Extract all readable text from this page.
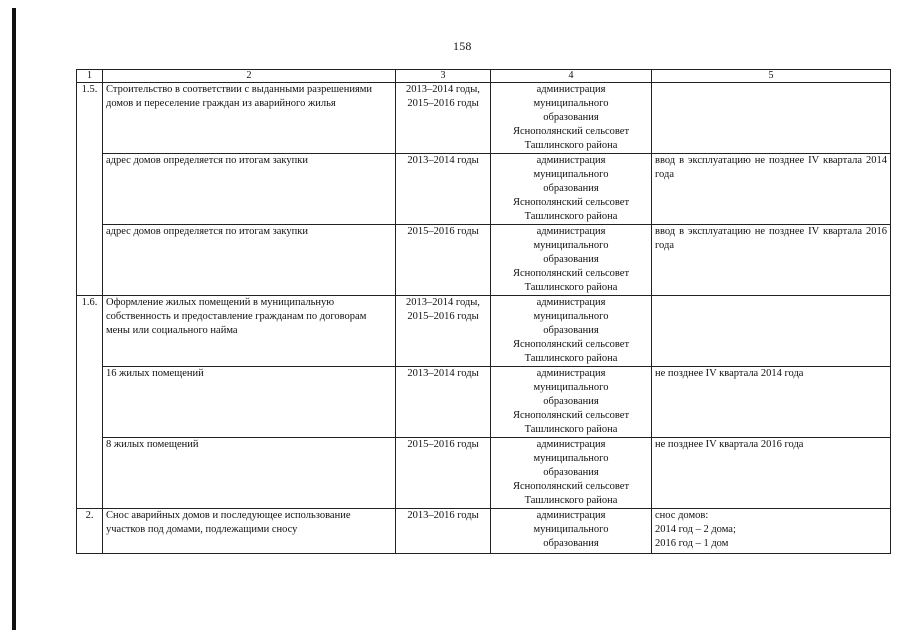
158
1	2	3	4	5
1.5.	Строительство в соответствии с выданными разрешениями домов и переселение граждан из аварийного жилья	2013–2014 годы, 2015–2016 годы	администрация
муниципального
образования
Яснополянский сельсовет
Ташлинского района	

	адрес домов определяется по итогам закупки	2013–2014 годы	администрация
муниципального
образования
Яснополянский сельсовет
Ташлинского района	ввод в эксплуатацию не позднее IV квартала 2014 года
	адрес домов определяется по итогам закупки	2015–2016 годы	администрация
муниципального
образования
Яснополянский сельсовет
Ташлинского района	ввод в эксплуатацию не позднее IV квартала 2016 года
1.6.	Оформление жилых помещений в муниципальную собственность и предоставление гражданам по договорам мены или социального найма	2013–2014 годы, 2015–2016 годы	администрация
муниципального
образования
Яснополянский сельсовет
Ташлинского района	

	16 жилых помещений	2013–2014 годы	администрация
муниципального
образования
Яснополянский сельсовет
Ташлинского района	не позднее IV квартала 2014 года
	8 жилых помещений	2015–2016 годы	администрация
муниципального
образования
Яснополянский сельсовет
Ташлинского района	не позднее IV квартала 2016 года
2.	Снос аварийных домов и последующее использование участков под домами, подлежащими сносу	2013–2016 годы	администрация
муниципального
образования	снос домов:
2014 год – 2 дома;
2016 год – 1 дом
